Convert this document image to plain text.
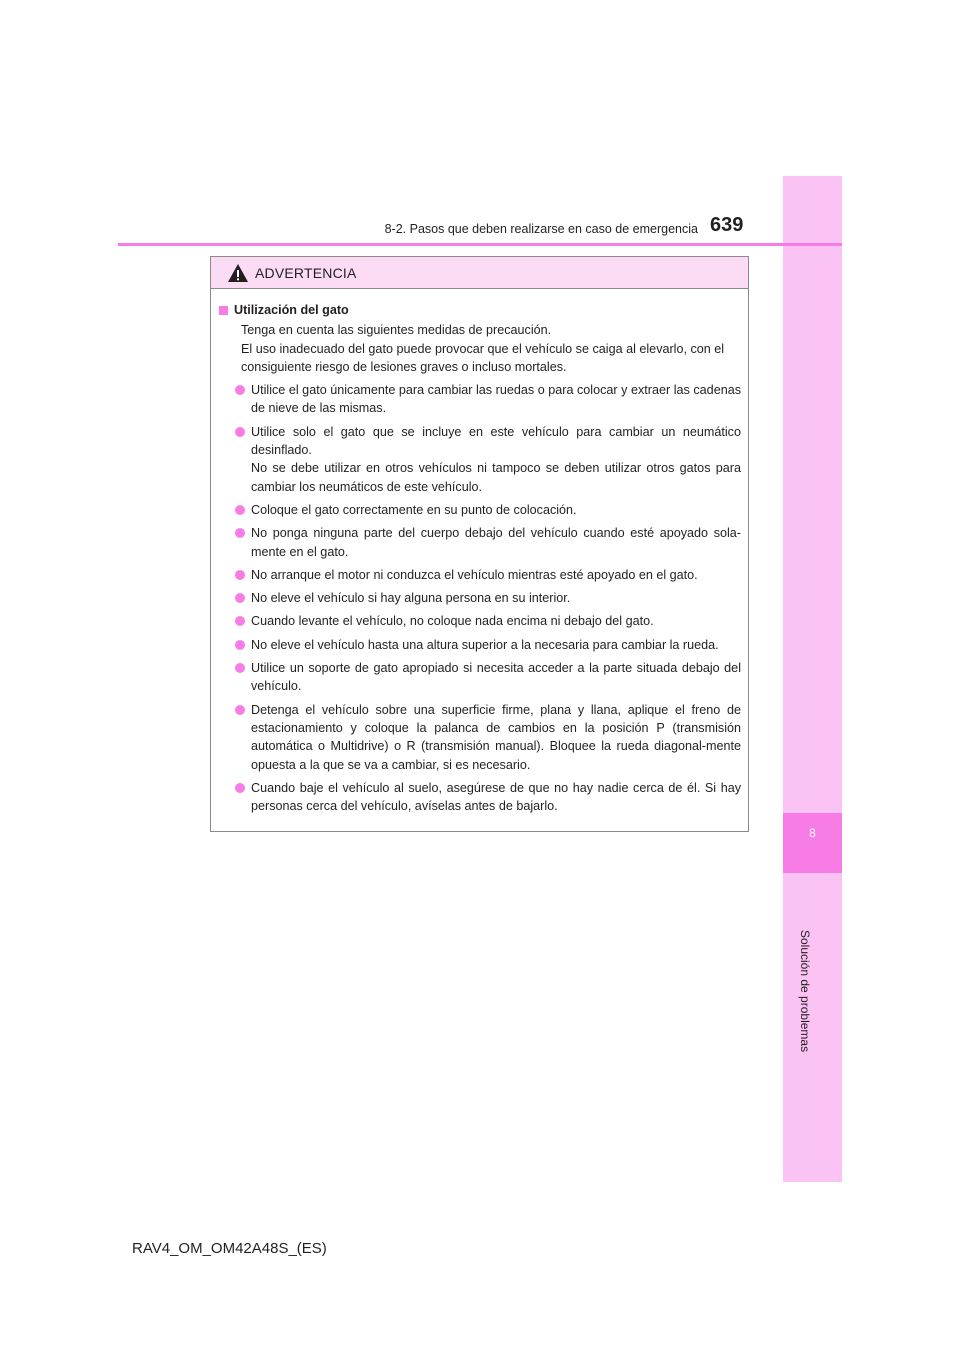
8
Solución de problemas
8-2. Pasos que deben realizarse en caso de emergencia 639
ADVERTENCIA
Utilización del gato

Tenga en cuenta las siguientes medidas de precaución.

El uso inadecuado del gato puede provocar que el vehículo se caiga al elevarlo, con el consiguiente riesgo de lesiones graves o incluso mortales.

Utilice el gato únicamente para cambiar las ruedas o para colocar y extraer las cadenas de nieve de las mismas.
Utilice solo el gato que se incluye en este vehículo para cambiar un neumático desinflado.
No se debe utilizar en otros vehículos ni tampoco se deben utilizar otros gatos para cambiar los neumáticos de este vehículo.
Coloque el gato correctamente en su punto de colocación.
No ponga ninguna parte del cuerpo debajo del vehículo cuando esté apoyado sola-mente en el gato.
No arranque el motor ni conduzca el vehículo mientras esté apoyado en el gato.
No eleve el vehículo si hay alguna persona en su interior.
Cuando levante el vehículo, no coloque nada encima ni debajo del gato.
No eleve el vehículo hasta una altura superior a la necesaria para cambiar la rueda.
Utilice un soporte de gato apropiado si necesita acceder a la parte situada debajo del vehículo.
Detenga el vehículo sobre una superficie firme, plana y llana, aplique el freno de estacionamiento y coloque la palanca de cambios en la posición P (transmisión automática o Multidrive) o R (transmisión manual). Bloquee la rueda diagonal-mente opuesta a la que se va a cambiar, si es necesario.
Cuando baje el vehículo al suelo, asegúrese de que no hay nadie cerca de él. Si hay personas cerca del vehículo, avíselas antes de bajarlo.
RAV4_OM_OM42A48S_(ES)
